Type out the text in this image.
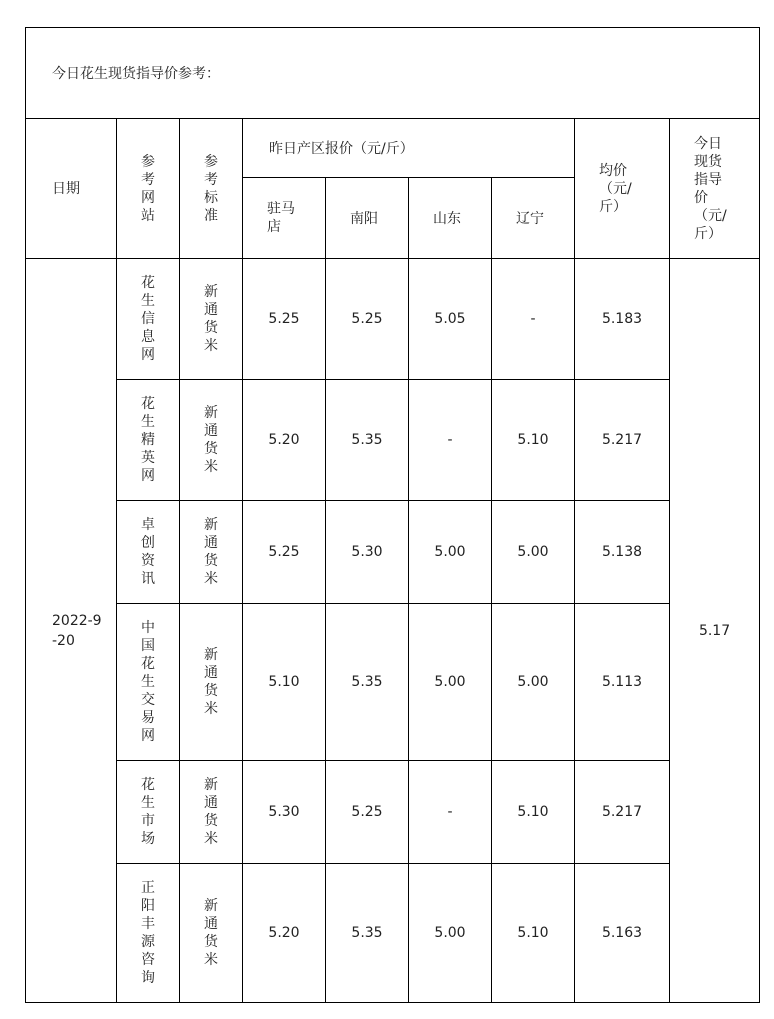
今日花生现货指导价参考：								
日期	参考网站	参考标准	昨日产区报价（元/斤）				均价（元/斤）	今日现货指导价（元/斤）
			驻马店	南阳	山东	辽宁		
2022-9-20	花生信息网	新通货米	5.25	5.25	5.05	-	5.183	5.17
	花生精英网	新通货米	5.20	5.35	-	5.10	5.217	
	卓创资讯	新通货米	5.25	5.30	5.00	5.00	5.138	
	中国花生交易网	新通货米	5.10	5.35	5.00	5.00	5.113	
	花生市场	新通货米	5.30	5.25	-	5.10	5.217	
	正阳丰源咨询	新通货米	5.20	5.35	5.00	5.10	5.163	
